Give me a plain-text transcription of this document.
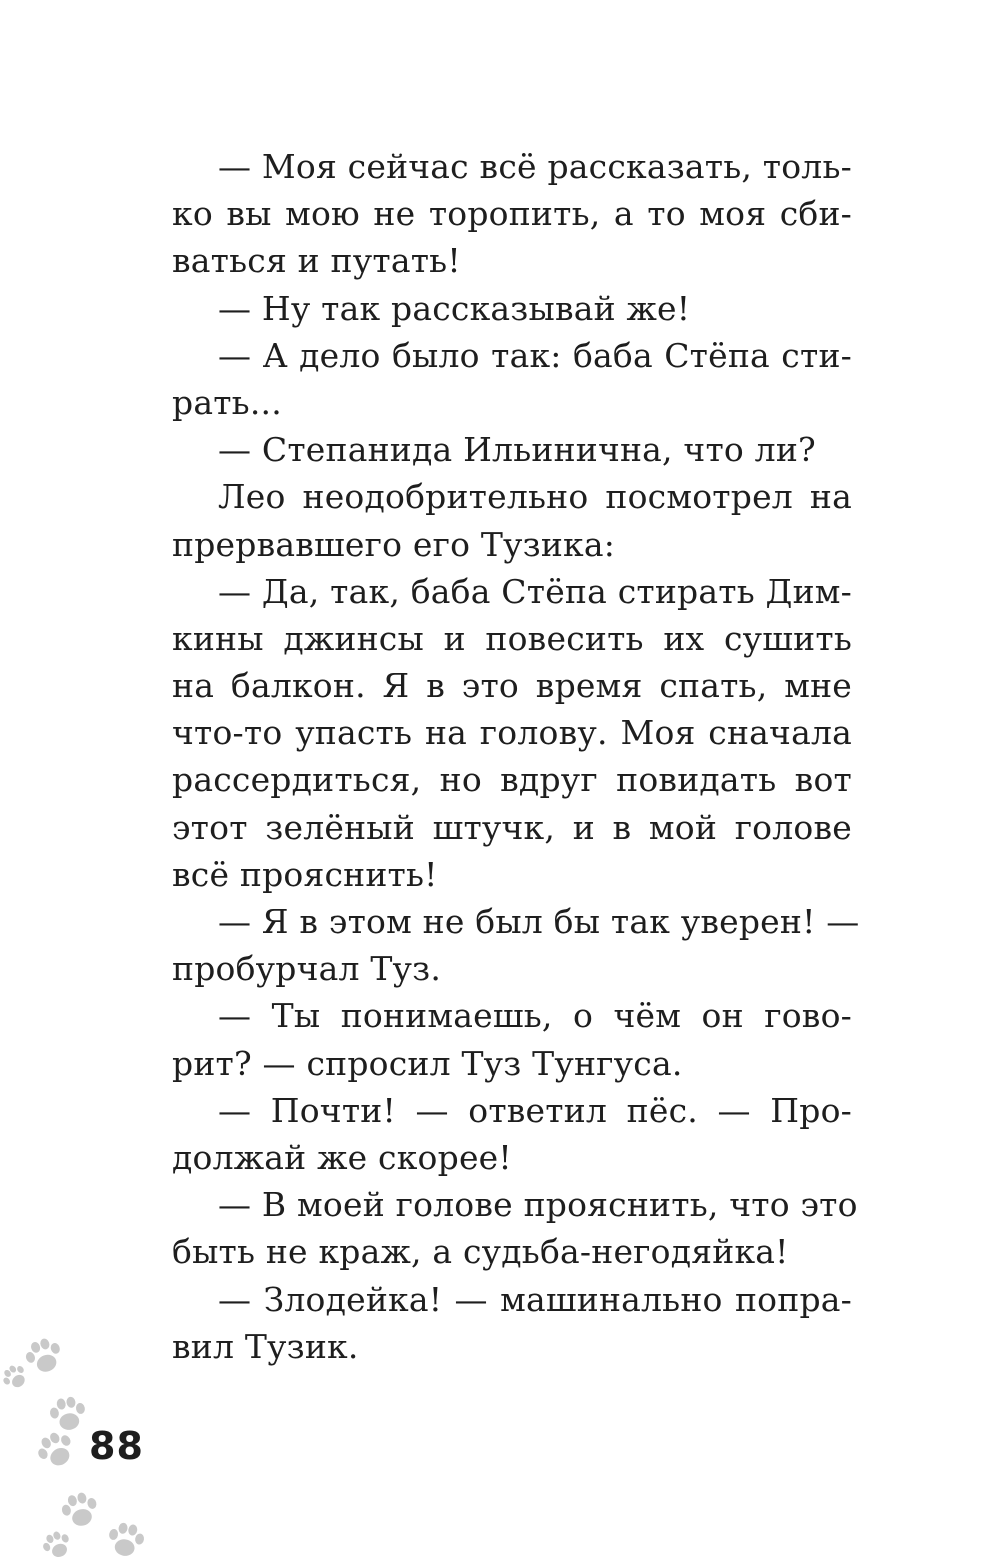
— Моя сейчас всё рассказать, толь-
ко вы мою не торопить, а то моя сби-
ваться и путать!
— Ну так рассказывай же!
— А дело было так: баба Стёпа сти-
рать...
— Степанида Ильинична, что ли?
Лео неодобрительно посмотрел на
прервавшего его Тузика:
— Да, так, баба Стёпа стирать Дим-
кины джинсы и повесить их сушить
на балкон. Я в это время спать, мне
что-то упасть на голову. Моя сначала
рассердиться, но вдруг повидать вот
этот зелёный штучк, и в мой голове
всё прояснить!
— Я в этом не был бы так уверен! —
пробурчал Туз.
— Ты понимаешь, о чём он гово-
рит? — спросил Туз Тунгуса.
— Почти! — ответил пёс. — Про-
должай же скорее!
— В моей голове прояснить, что это
быть не краж, а судьба-негодяйка!
— Злодейка! — машинально попра-
вил Тузик.
88
